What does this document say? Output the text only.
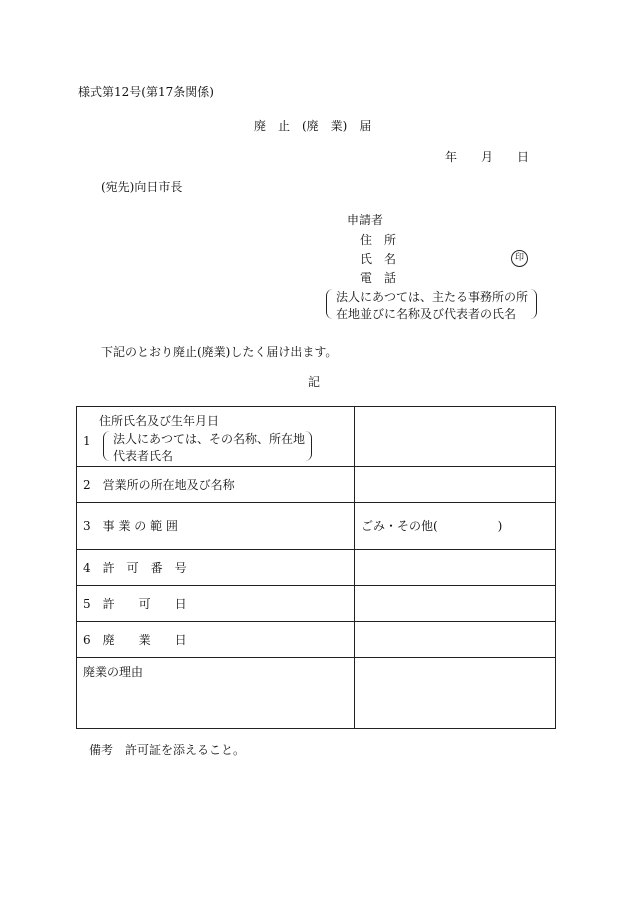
様式第12号(第17条関係)
廃　止　(廃　業)　届
年　　月　　日
(宛先)向日市長
申請者
住　所
氏　名	印
電　話
法人にあつては、主たる事務所の所
在地並びに名称及び代表者の氏名
下記のとおり廃止(廃業)したく届け出ます。
記
住所氏名及び生年月日
1 法人にあつては、その名称、所在地
代表者氏名	

2　営業所の所在地及び名称	

3　事 業 の 範 囲	ごみ・その他(　　　　　)

4　許　可　番　号	

5　許　　可　　日	

6　廃　　業　　日	

廃業の理由	

備考　許可証を添えること。
